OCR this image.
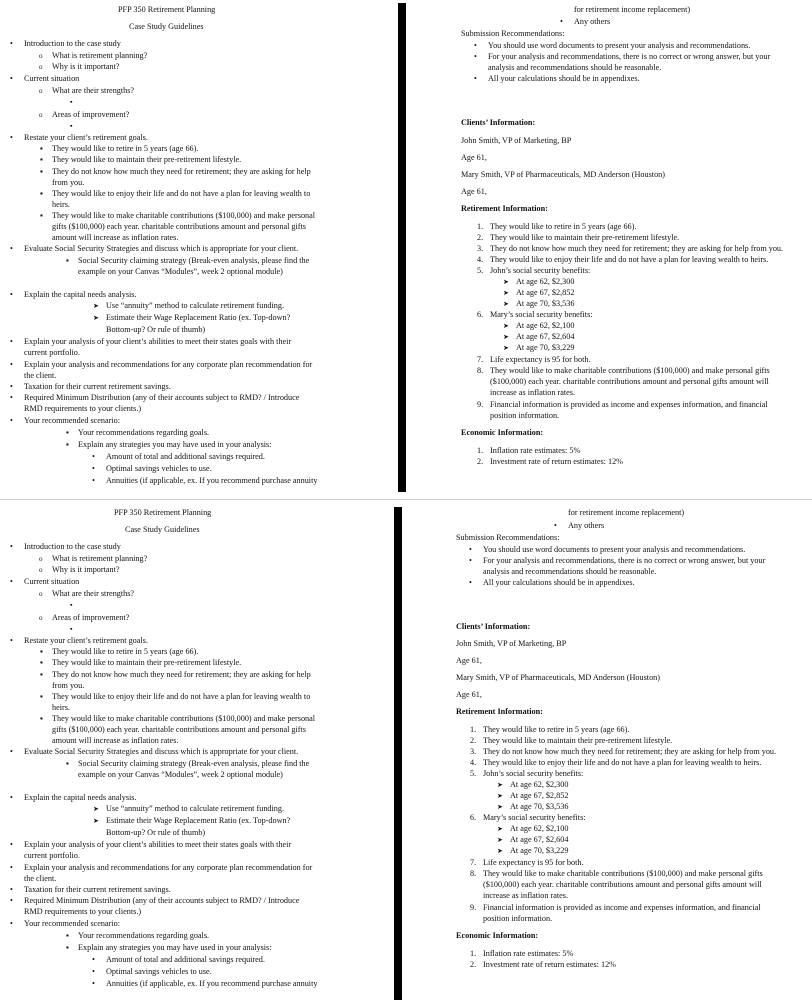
PFP 350 Retirement Planning
Case Study Guidelines
• Introduction to the case study
o What is retirement planning?
o Why is it important?
• Current situation
o What are their strengths?
▪
o Areas of improvement?
▪
• Restate your client’s retirement goals.
▪ They would like to retire in 5 years (age 66).
▪ They would like to maintain their pre-retirement lifestyle.
▪ They do not know how much they need for retirement; they are asking for help
from you.
▪ They would like to enjoy their life and do not have a plan for leaving wealth to
heirs.
▪ They would like to make charitable contributions ($100,000) and make personal
gifts ($100,000) each year. charitable contributions amount and personal gifts
amount will increase as inflation rates.
• Evaluate Social Security Strategies and discuss which is appropriate for your client.
▪ Social Security claiming strategy (Break-even analysis, please find the
example on your Canvas “Modules”, week 2 optional module)
• Explain the capital needs analysis.
➤ Use “annuity” method to calculate retirement funding.
➤ Estimate their Wage Replacement Ratio (ex. Top-down?
Bottom-up? Or rule of thumb)
• Explain your analysis of your client’s abilities to meet their states goals with their
current portfolio.
• Explain your analysis and recommendations for any corporate plan recommendation for
the client.
• Taxation for their current retirement savings.
• Required Minimum Distribution (any of their accounts subject to RMD? / Introduce
RMD requirements to your clients.)
• Your recommended scenario:
▪ Your recommendations regarding goals.
▪ Explain any strategies you may have used in your analysis:
• Amount of total and additional savings required.
• Optimal savings vehicles to use.
• Annuities (if applicable, ex. If you recommend purchase annuity
for retirement income replacement)
• Any others
Submission Recommendations:
• You should use word documents to present your analysis and recommendations.
• For your analysis and recommendations, there is no correct or wrong answer, but your
analysis and recommendations should be reasonable.
• All your calculations should be in appendixes.
Clients’ Information:
John Smith, VP of Marketing, BP
Age 61,
Mary Smith, VP of Pharmaceuticals, MD Anderson (Houston)
Age 61,
Retirement Information:
1. They would like to retire in 5 years (age 66).
2. They would like to maintain their pre-retirement lifestyle.
3. They do not know how much they need for retirement; they are asking for help from you.
4. They would like to enjoy their life and do not have a plan for leaving wealth to heirs.
5. John’s social security benefits:
➤ At age 62, $2,300
➤ At age 67, $2,852
➤ At age 70, $3,536
6. Mary’s social security benefits:
➤ At age 62, $2,100
➤ At age 67, $2,604
➤ At age 70, $3,229
7. Life expectancy is 95 for both.
8. They would like to make charitable contributions ($100,000) and make personal gifts
($100,000) each year. charitable contributions amount and personal gifts amount will
increase as inflation rates.
9. Financial information is provided as income and expenses information, and financial
position information.
Economic Information:
1. Inflation rate estimates: 5%
2. Investment rate of return estimates: 12%
PFP 350 Retirement Planning
Case Study Guidelines
• Introduction to the case study
o What is retirement planning?
o Why is it important?
• Current situation
o What are their strengths?
▪
o Areas of improvement?
▪
• Restate your client’s retirement goals.
▪ They would like to retire in 5 years (age 66).
▪ They would like to maintain their pre-retirement lifestyle.
▪ They do not know how much they need for retirement; they are asking for help
from you.
▪ They would like to enjoy their life and do not have a plan for leaving wealth to
heirs.
▪ They would like to make charitable contributions ($100,000) and make personal
gifts ($100,000) each year. charitable contributions amount and personal gifts
amount will increase as inflation rates.
• Evaluate Social Security Strategies and discuss which is appropriate for your client.
▪ Social Security claiming strategy (Break-even analysis, please find the
example on your Canvas “Modules”, week 2 optional module)
• Explain the capital needs analysis.
➤ Use “annuity” method to calculate retirement funding.
➤ Estimate their Wage Replacement Ratio (ex. Top-down?
Bottom-up? Or rule of thumb)
• Explain your analysis of your client’s abilities to meet their states goals with their
current portfolio.
• Explain your analysis and recommendations for any corporate plan recommendation for
the client.
• Taxation for their current retirement savings.
• Required Minimum Distribution (any of their accounts subject to RMD? / Introduce
RMD requirements to your clients.)
• Your recommended scenario:
▪ Your recommendations regarding goals.
▪ Explain any strategies you may have used in your analysis:
• Amount of total and additional savings required.
• Optimal savings vehicles to use.
• Annuities (if applicable, ex. If you recommend purchase annuity
for retirement income replacement)
• Any others
Submission Recommendations:
• You should use word documents to present your analysis and recommendations.
• For your analysis and recommendations, there is no correct or wrong answer, but your
analysis and recommendations should be reasonable.
• All your calculations should be in appendixes.
Clients’ Information:
John Smith, VP of Marketing, BP
Age 61,
Mary Smith, VP of Pharmaceuticals, MD Anderson (Houston)
Age 61,
Retirement Information:
1. They would like to retire in 5 years (age 66).
2. They would like to maintain their pre-retirement lifestyle.
3. They do not know how much they need for retirement; they are asking for help from you.
4. They would like to enjoy their life and do not have a plan for leaving wealth to heirs.
5. John’s social security benefits:
➤ At age 62, $2,300
➤ At age 67, $2,852
➤ At age 70, $3,536
6. Mary’s social security benefits:
➤ At age 62, $2,100
➤ At age 67, $2,604
➤ At age 70, $3,229
7. Life expectancy is 95 for both.
8. They would like to make charitable contributions ($100,000) and make personal gifts
($100,000) each year. charitable contributions amount and personal gifts amount will
increase as inflation rates.
9. Financial information is provided as income and expenses information, and financial
position information.
Economic Information:
1. Inflation rate estimates: 5%
2. Investment rate of return estimates: 12%
